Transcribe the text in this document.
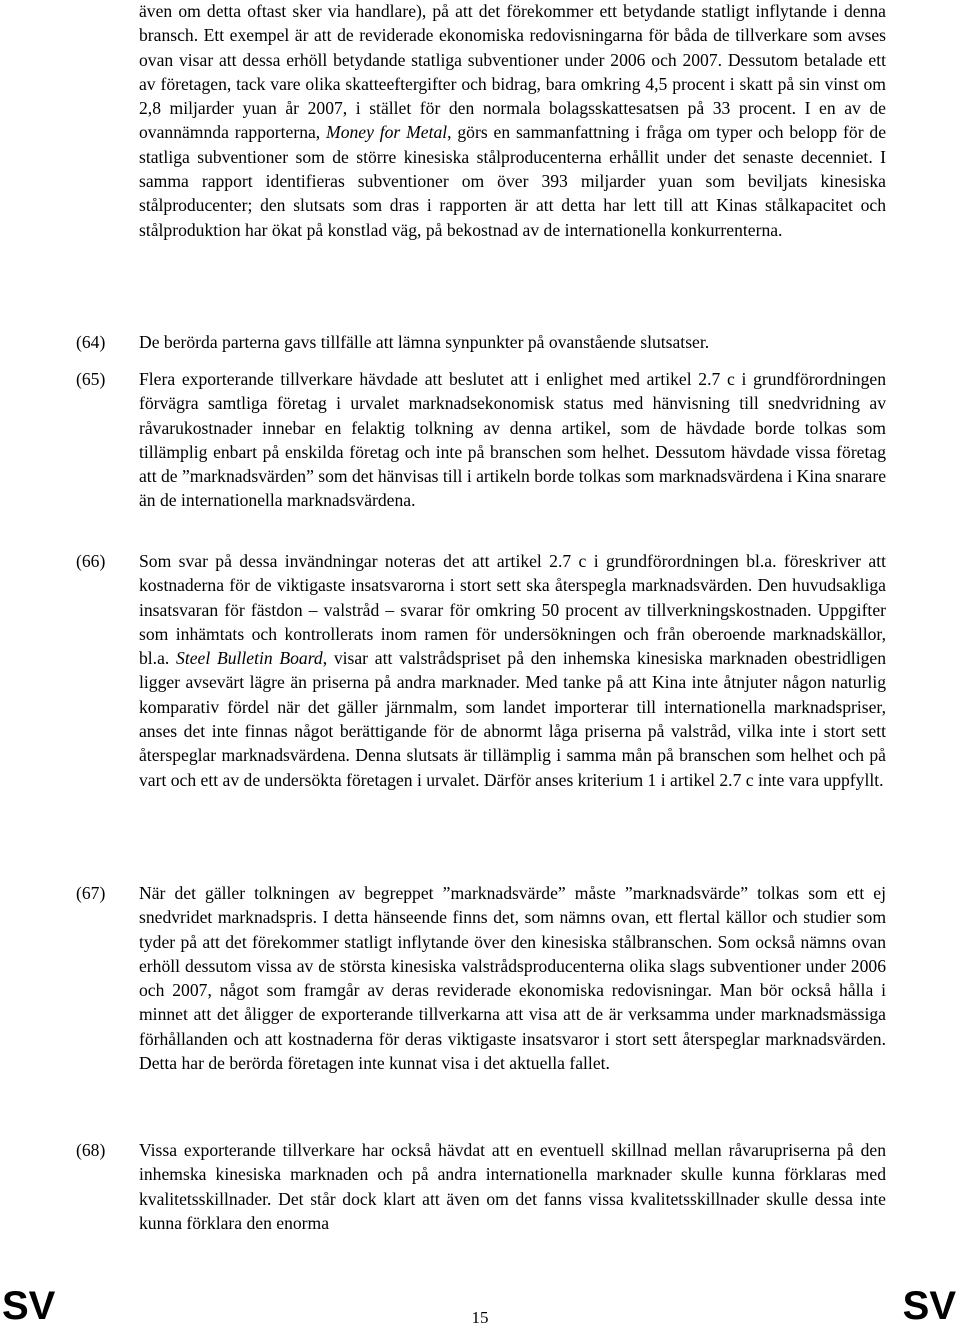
även om detta oftast sker via handlare), på att det förekommer ett betydande statligt inflytande i denna bransch. Ett exempel är att de reviderade ekonomiska redovisningarna för båda de tillverkare som avses ovan visar att dessa erhöll betydande statliga subventioner under 2006 och 2007. Dessutom betalade ett av företagen, tack vare olika skatteeftergifter och bidrag, bara omkring 4,5 procent i skatt på sin vinst om 2,8 miljarder yuan år 2007, i stället för den normala bolagsskattesatsen på 33 procent. I en av de ovannämnda rapporterna, Money for Metal, görs en sammanfattning i fråga om typer och belopp för de statliga subventioner som de större kinesiska stålproducenterna erhållit under det senaste decenniet. I samma rapport identifieras subventioner om över 393 miljarder yuan som beviljats kinesiska stålproducenter; den slutsats som dras i rapporten är att detta har lett till att Kinas stålkapacitet och stålproduktion har ökat på konstlad väg, på bekostnad av de internationella konkurrenterna.
(64) De berörda parterna gavs tillfälle att lämna synpunkter på ovanstående slutsatser.
(65) Flera exporterande tillverkare hävdade att beslutet att i enlighet med artikel 2.7 c i grundförordningen förvägra samtliga företag i urvalet marknadsekonomisk status med hänvisning till snedvridning av råvarukostnader innebar en felaktig tolkning av denna artikel, som de hävdade borde tolkas som tillämplig enbart på enskilda företag och inte på branschen som helhet. Dessutom hävdade vissa företag att de ”marknadsvärden” som det hänvisas till i artikeln borde tolkas som marknadsvärdena i Kina snarare än de internationella marknadsvärdena.
(66) Som svar på dessa invändningar noteras det att artikel 2.7 c i grundförordningen bl.a. föreskriver att kostnaderna för de viktigaste insatsvarorna i stort sett ska återspegla marknadsvärden. Den huvudsakliga insatsvaran för fästdon – valstråd – svarar för omkring 50 procent av tillverkningskostnaden. Uppgifter som inhämtats och kontrollerats inom ramen för undersökningen och från oberoende marknadskällor, bl.a. Steel Bulletin Board, visar att valstrådspriset på den inhemska kinesiska marknaden obestridligen ligger avsevärt lägre än priserna på andra marknader. Med tanke på att Kina inte åtnjuter någon naturlig komparativ fördel när det gäller järnmalm, som landet importerar till internationella marknadspriser, anses det inte finnas något berättigande för de abnormt låga priserna på valstråd, vilka inte i stort sett återspeglar marknadsvärdena. Denna slutsats är tillämplig i samma mån på branschen som helhet och på vart och ett av de undersökta företagen i urvalet. Därför anses kriterium 1 i artikel 2.7 c inte vara uppfyllt.
(67) När det gäller tolkningen av begreppet ”marknadsvärde” måste ”marknadsvärde” tolkas som ett ej snedvridet marknadspris. I detta hänseende finns det, som nämns ovan, ett flertal källor och studier som tyder på att det förekommer statligt inflytande över den kinesiska stålbranschen. Som också nämns ovan erhöll dessutom vissa av de största kinesiska valstrådsproducenterna olika slags subventioner under 2006 och 2007, något som framgår av deras reviderade ekonomiska redovisningar. Man bör också hålla i minnet att det åligger de exporterande tillverkarna att visa att de är verksamma under marknadsmässiga förhållanden och att kostnaderna för deras viktigaste insatsvaror i stort sett återspeglar marknadsvärden. Detta har de berörda företagen inte kunnat visa i det aktuella fallet.
(68) Vissa exporterande tillverkare har också hävdat att en eventuell skillnad mellan råvarupriserna på den inhemska kinesiska marknaden och på andra internationella marknader skulle kunna förklaras med kvalitetsskillnader. Det står dock klart att även om det fanns vissa kvalitetsskillnader skulle dessa inte kunna förklara den enorma
SV	15	SV
